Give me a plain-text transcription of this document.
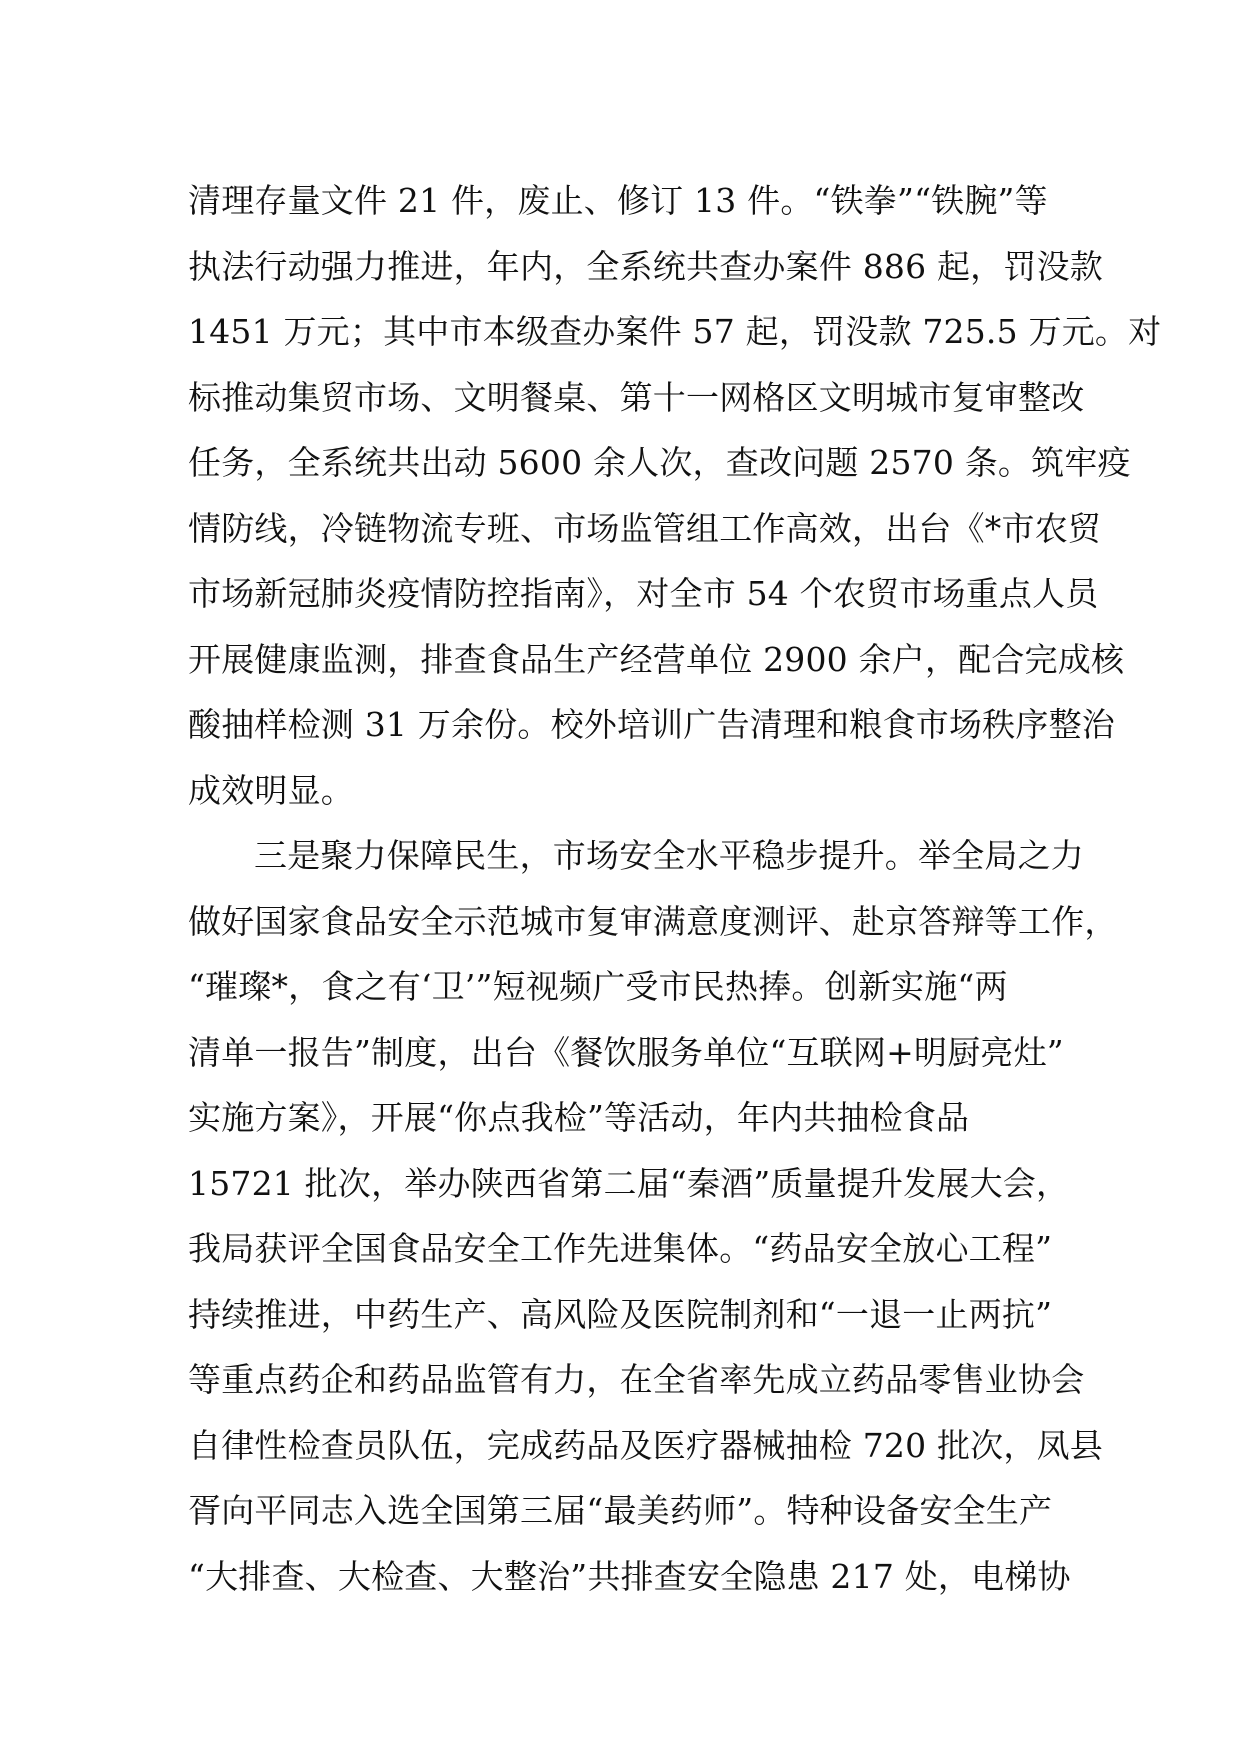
清理存量文件 21 件，废止、修订 13 件。“铁拳”“铁腕”等
执法行动强力推进，年内，全系统共查办案件 886 起，罚没款
1451 万元；其中市本级查办案件 57 起，罚没款 725.5 万元。对
标推动集贸市场、文明餐桌、第十一网格区文明城市复审整改
任务，全系统共出动 5600 余人次，查改问题 2570 条。筑牢疫
情防线，冷链物流专班、市场监管组工作高效，出台《*市农贸
市场新冠肺炎疫情防控指南》，对全市 54 个农贸市场重点人员
开展健康监测，排查食品生产经营单位 2900 余户，配合完成核
酸抽样检测 31 万余份。校外培训广告清理和粮食市场秩序整治
成效明显。
三是聚力保障民生，市场安全水平稳步提升。举全局之力
做好国家食品安全示范城市复审满意度测评、赴京答辩等工作，
“璀璨*，食之有‘卫’”短视频广受市民热捧。创新实施“两
清单一报告”制度，出台《餐饮服务单位“互联网+明厨亮灶”
实施方案》，开展“你点我检”等活动，年内共抽检食品
15721 批次，举办陕西省第二届“秦酒”质量提升发展大会，
我局获评全国食品安全工作先进集体。“药品安全放心工程”
持续推进，中药生产、高风险及医院制剂和“一退一止两抗”
等重点药企和药品监管有力，在全省率先成立药品零售业协会
自律性检查员队伍，完成药品及医疗器械抽检 720 批次，凤县
胥向平同志入选全国第三届“最美药师”。特种设备安全生产
“大排查、大检查、大整治”共排查安全隐患 217 处，电梯协
